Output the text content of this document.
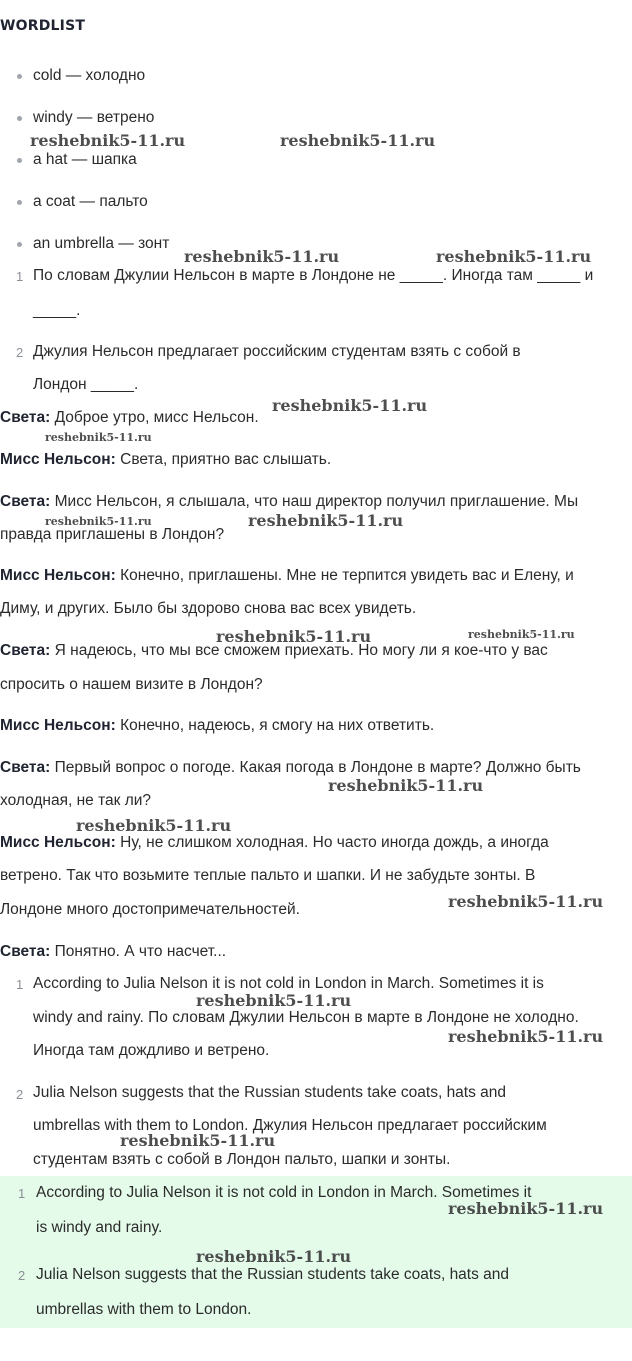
WORDLIST
cold — холодно
windy — ветрено
a hat — шапка
a coat — пальто
an umbrella — зонт
1 По словам Джулии Нельсон в марте в Лондоне не _____. Иногда там _____ и
_____.
2 Джулия Нельсон предлагает российским студентам взять с собой в
Лондон _____.
Света: Доброе утро, мисс Нельсон.
Мисс Нельсон: Света, приятно вас слышать.
Света: Мисс Нельсон, я слышала, что наш директор получил приглашение. Мы
правда приглашены в Лондон?
Мисс Нельсон: Конечно, приглашены. Мне не терпится увидеть вас и Елену, и
Диму, и других. Было бы здорово снова вас всех увидеть.
Света: Я надеюсь, что мы все сможем приехать. Но могу ли я кое-что у вас
спросить о нашем визите в Лондон?
Мисс Нельсон: Конечно, надеюсь, я смогу на них ответить.
Света: Первый вопрос о погоде. Какая погода в Лондоне в марте? Должно быть
холодная, не так ли?
Мисс Нельсон: Ну, не слишком холодная. Но часто иногда дождь, а иногда
ветрено. Так что возьмите теплые пальто и шапки. И не забудьте зонты. В
Лондоне много достопримечательностей.
Света: Понятно. А что насчет...
1 According to Julia Nelson it is not cold in London in March. Sometimes it is
windy and rainy. По словам Джулии Нельсон в марте в Лондоне не холодно.
Иногда там дождливо и ветрено.
2 Julia Nelson suggests that the Russian students take coats, hats and
umbrellas with them to London. Джулия Нельсон предлагает российским
студентам взять с собой в Лондон пальто, шапки и зонты.
1 According to Julia Nelson it is not cold in London in March. Sometimes it
is windy and rainy.
2 Julia Nelson suggests that the Russian students take coats, hats and
umbrellas with them to London.
reshebnik5-11.ru	reshebnik5-11.ru
reshebnik5-11.ru	reshebnik5-11.ru
reshebnik5-11.ru
reshebnik5-11.ru
reshebnik5-11.ru	reshebnik5-11.ru
reshebnik5-11.ru	reshebnik5-11.ru
reshebnik5-11.ru
reshebnik5-11.ru
reshebnik5-11.ru
reshebnik5-11.ru
reshebnik5-11.ru
reshebnik5-11.ru
reshebnik5-11.ru
reshebnik5-11.ru
